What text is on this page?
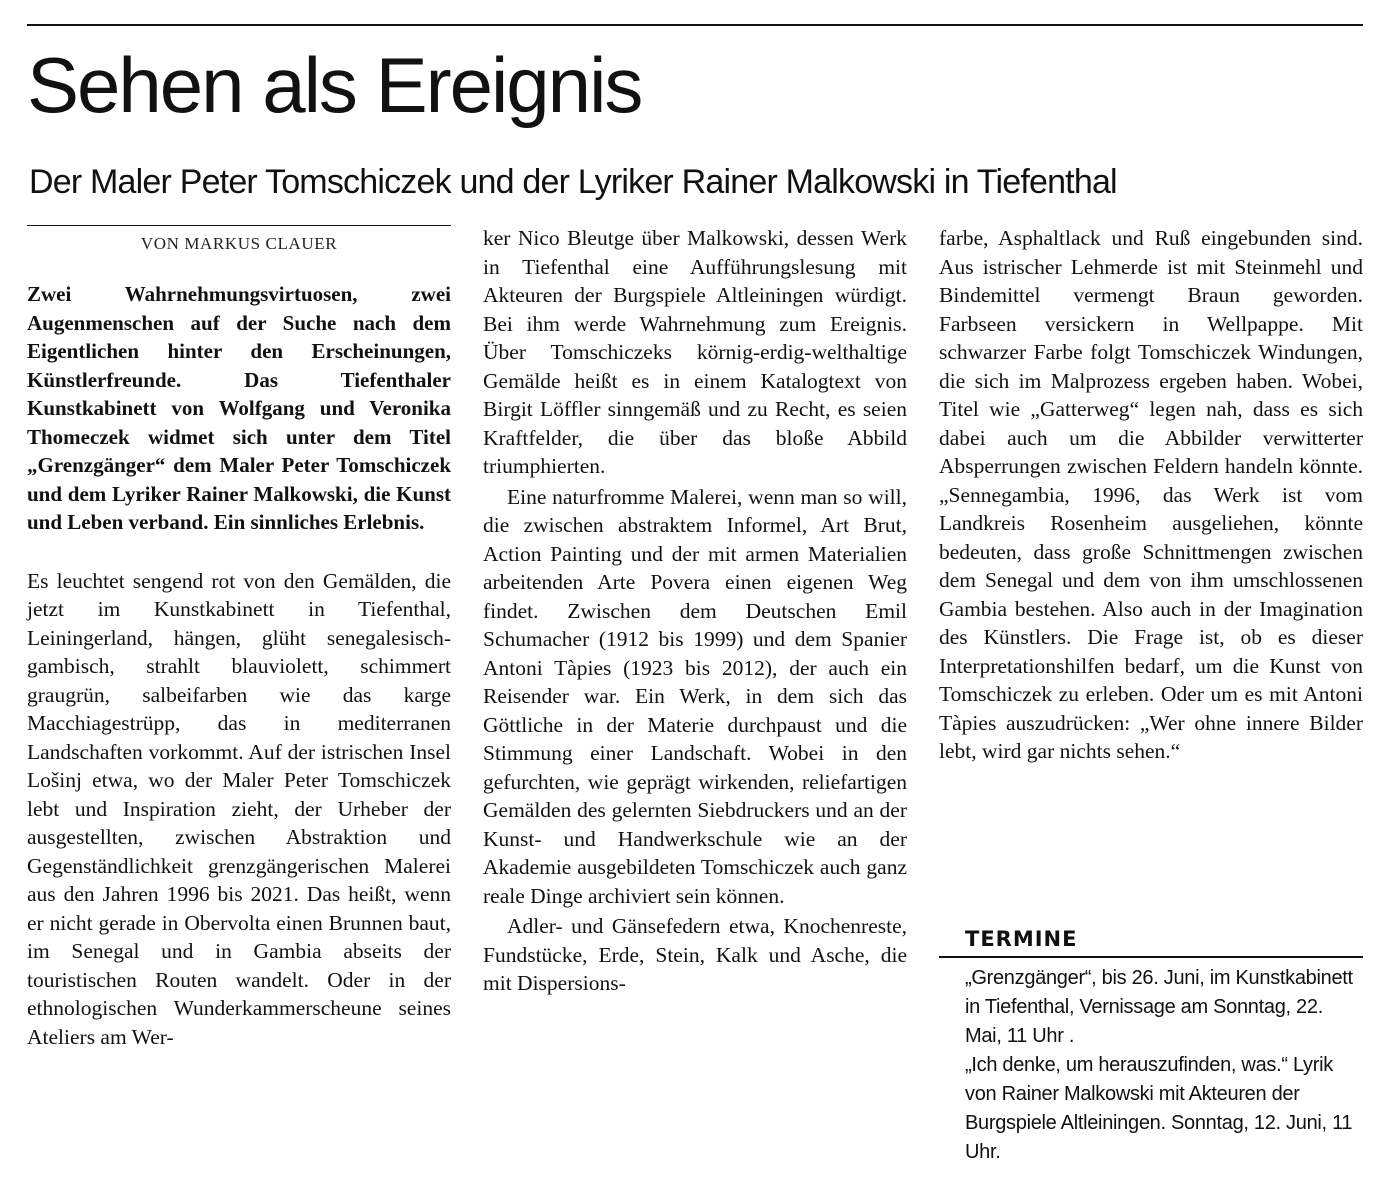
Sehen als Ereignis
Der Maler Peter Tomschiczek und der Lyriker Rainer Malkowski in Tiefenthal
VON MARKUS CLAUER

Zwei Wahrnehmungsvirtuosen, zwei Augenmenschen auf der Suche nach dem Eigentlichen hinter den Erscheinungen, Künstlerfreunde. Das Tiefenthaler Kunstkabinett von Wolfgang und Veronika Thomeczek widmet sich unter dem Titel „Grenzgänger“ dem Maler Peter Tomschiczek und dem Lyriker Rainer Malkowski, die Kunst und Leben verband. Ein sinnliches Erlebnis.

Es leuchtet sengend rot von den Gemälden, die jetzt im Kunstkabinett in Tiefenthal, Leiningerland, hängen, glüht senegalesisch-gambisch, strahlt blauviolett, schimmert graugrün, salbeifarben wie das karge Macchiagestrüpp, das in mediterranen Landschaften vorkommt. Auf der istrischen Insel Lošinj etwa, wo der Maler Peter Tomschiczek lebt und Inspiration zieht, der Urheber der ausgestellten, zwischen Abstraktion und Gegenständlichkeit grenzgängerischen Malerei aus den Jahren 1996 bis 2021. Das heißt, wenn er nicht gerade in Obervolta einen Brunnen baut, im Senegal und in Gambia abseits der touristischen Routen wandelt. Oder in der ethnologischen Wunderkammerscheune seines Ateliers am Wer-

ker Nico Bleutge über Malkowski, dessen Werk in Tiefenthal eine Aufführungslesung mit Akteuren der Burgspiele Altleiningen würdigt. Bei ihm werde Wahrnehmung zum Ereignis. Über Tomschiczeks körnig-erdig-welthaltige Gemälde heißt es in einem Katalogtext von Birgit Löffler sinngemäß und zu Recht, es seien Kraftfelder, die über das bloße Abbild triumphierten.

Eine naturfromme Malerei, wenn man so will, die zwischen abstraktem Informel, Art Brut, Action Painting und der mit armen Materialien arbeitenden Arte Povera einen eigenen Weg findet. Zwischen dem Deutschen Emil Schumacher (1912 bis 1999) und dem Spanier Antoni Tàpies (1923 bis 2012), der auch ein Reisender war. Ein Werk, in dem sich das Göttliche in der Materie durchpaust und die Stimmung einer Landschaft. Wobei in den gefurchten, wie geprägt wirkenden, reliefartigen Gemälden des gelernten Siebdruckers und an der Kunst- und Handwerkschule wie an der Akademie ausgebildeten Tomschiczek auch ganz reale Dinge archiviert sein können.

Adler- und Gänsefedern etwa, Knochenreste, Fundstücke, Erde, Stein, Kalk und Asche, die mit Dispersions-

farbe, Asphaltlack und Ruß eingebunden sind. Aus istrischer Lehmerde ist mit Steinmehl und Bindemittel vermengt Braun geworden. Farbseen versickern in Wellpappe. Mit schwarzer Farbe folgt Tomschiczek Windungen, die sich im Malprozess ergeben haben. Wobei, Titel wie „Gatterweg“ legen nah, dass es sich dabei auch um die Abbilder verwitterter Absperrungen zwischen Feldern handeln könnte. „Sennegambia, 1996, das Werk ist vom Landkreis Rosenheim ausgeliehen, könnte bedeuten, dass große Schnittmengen zwischen dem Senegal und dem von ihm umschlossenen Gambia bestehen. Also auch in der Imagination des Künstlers. Die Frage ist, ob es dieser Interpretationshilfen bedarf, um die Kunst von Tomschiczek zu erleben. Oder um es mit Antoni Tàpies auszudrücken: „Wer ohne innere Bilder lebt, wird gar nichts sehen.“

TERMINE

„Grenzgänger“, bis 26. Juni, im Kunstkabinett in Tiefenthal, Vernissage am Sonntag, 22. Mai, 11 Uhr .

„Ich denke, um herauszufinden, was.“ Lyrik von Rainer Malkowski mit Akteuren der Burgspiele Altleiningen. Sonntag, 12. Juni, 11 Uhr.
